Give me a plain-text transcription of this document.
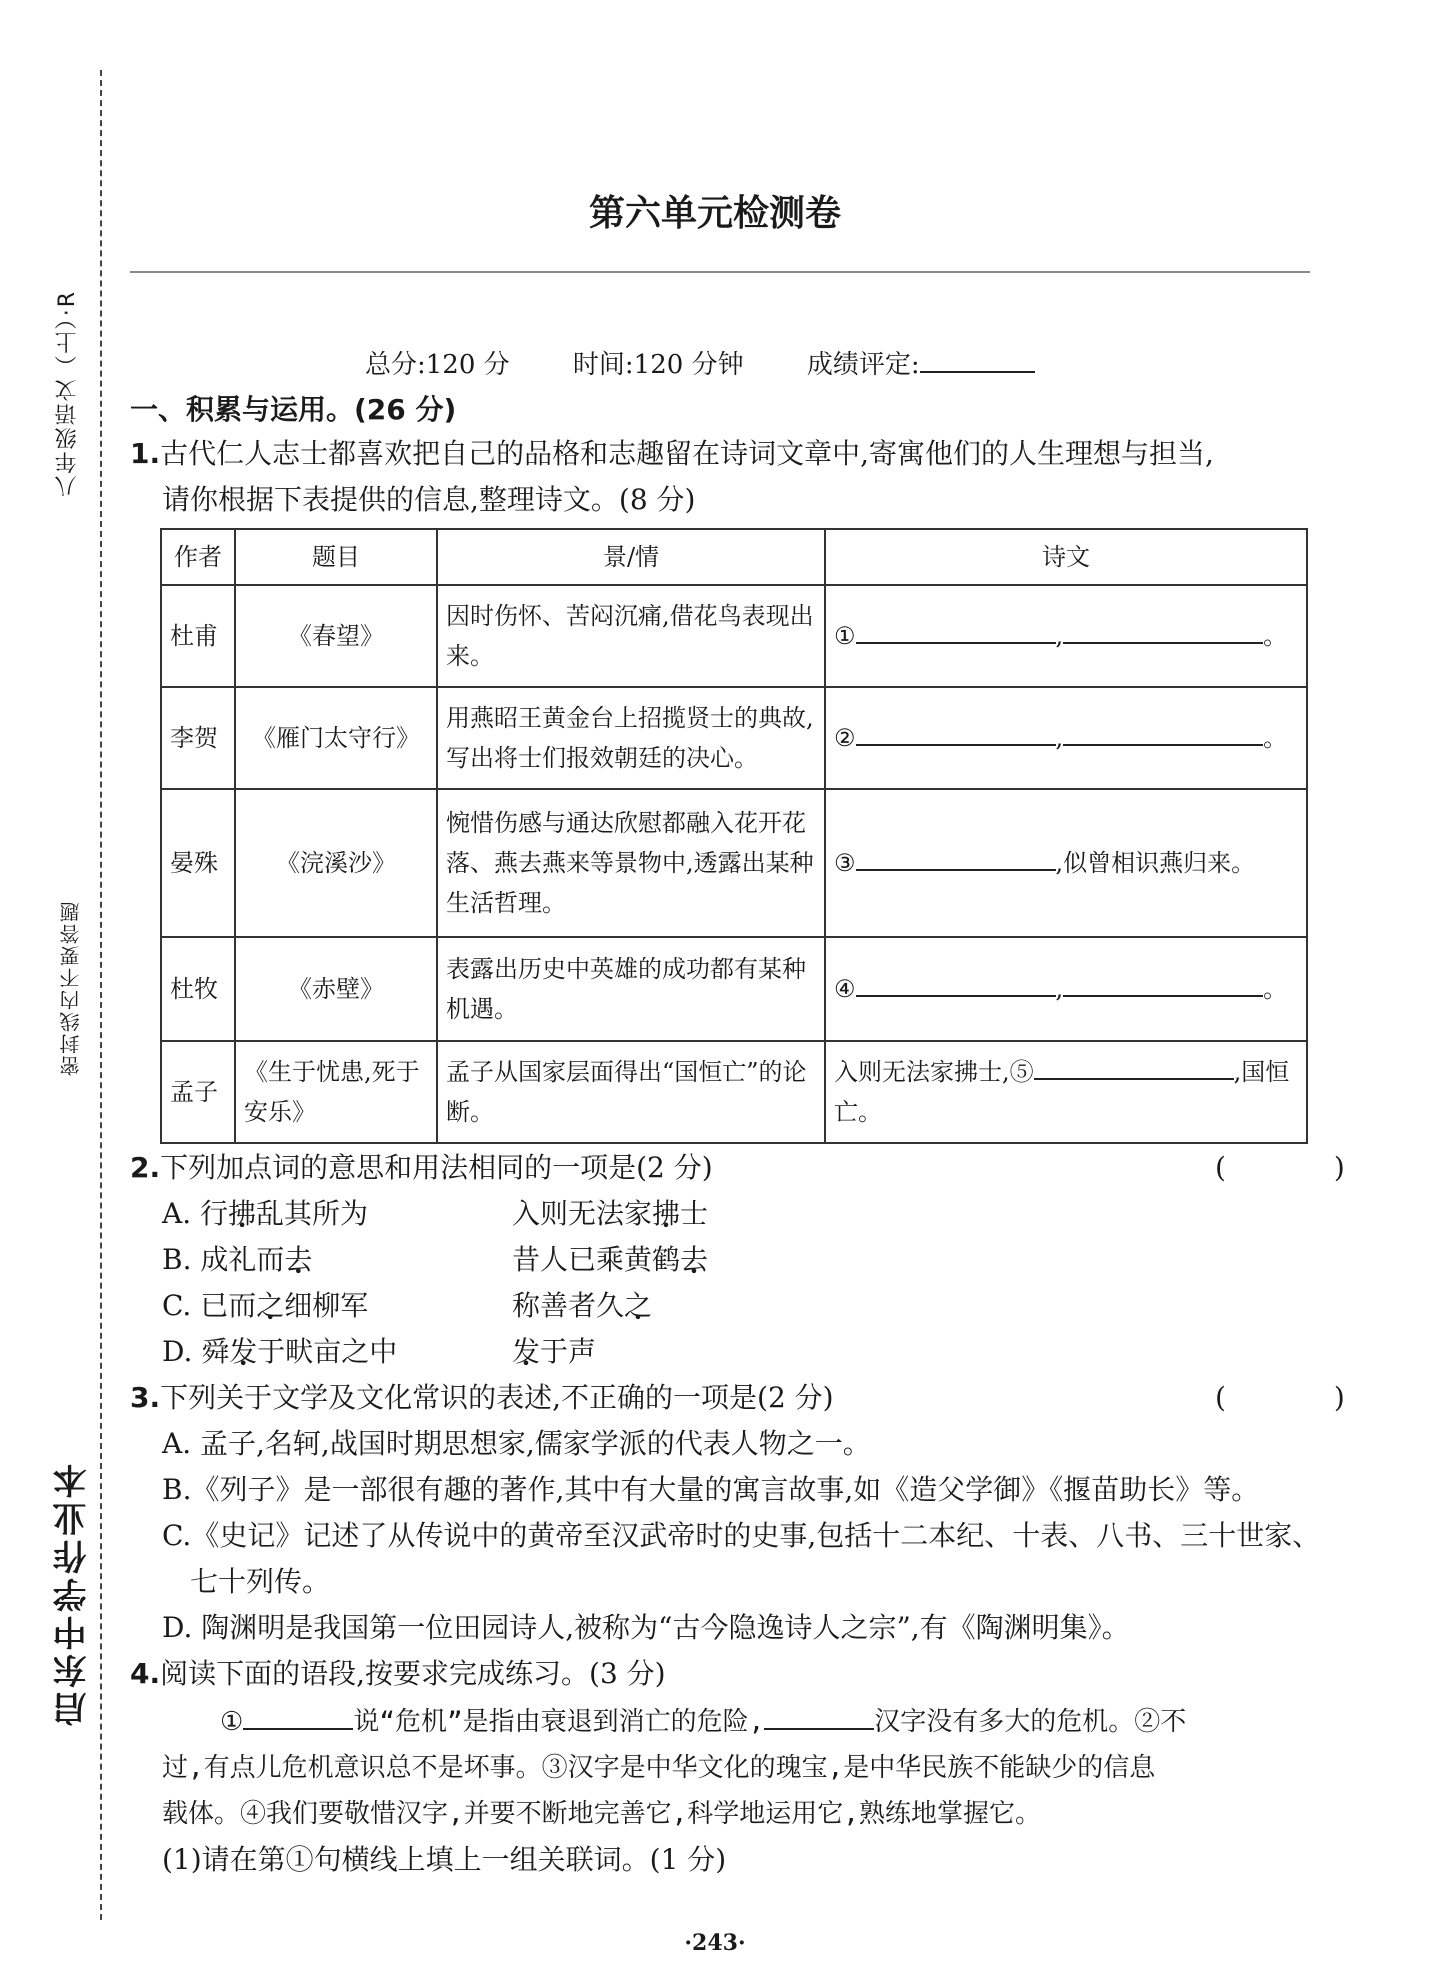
八年级语文（上）·R
密封线内不要答题
启东中学作业本
第六单元检测卷
总分:120 分 时间:120 分钟 成绩评定:
一、积累与运用。(26 分)
1.古代仁人志士都喜欢把自己的品格和志趣留在诗词文章中,寄寓他们的人生理想与担当,
请你根据下表提供的信息,整理诗文。(8 分)
作者	题目	景/情	诗文
杜甫	《春望》	因时伤怀、苦闷沉痛,借花鸟表现出来。	① , 。
李贺	《雁门太守行》	用燕昭王黄金台上招揽贤士的典故,写出将士们报效朝廷的决心。	② , 。
晏殊	《浣溪沙》	惋惜伤感与通达欣慰都融入花开花落、燕去燕来等景物中,透露出某种生活哲理。	③ ,似曾相识燕归来。
杜牧	《赤壁》	表露出历史中英雄的成功都有某种机遇。	④ , 。
孟子	《生于忧患,死于安乐》	孟子从国家层面得出“国恒亡”的论断。	入则无法家拂士,⑤ ,国恒亡。
2.下列加点词的意思和用法相同的一项是(2 分)	(　)
A. 行拂乱其所为	入则无法家拂士
B. 成礼而去	昔人已乘黄鹤去
C. 已而之细柳军	称善者久之
D. 舜发于畎亩之中	发于声
3.下列关于文学及文化常识的表述,不正确的一项是(2 分)	(　)
A. 孟子,名轲,战国时期思想家,儒家学派的代表人物之一。
B.《列子》是一部很有趣的著作,其中有大量的寓言故事,如《造父学御》《揠苗助长》等。
C.《史记》记述了从传说中的黄帝至汉武帝时的史事,包括十二本纪、十表、八书、三十世家、
七十列传。
D. 陶渊明是我国第一位田园诗人,被称为“古今隐逸诗人之宗”,有《陶渊明集》。
4.阅读下面的语段,按要求完成练习。(3 分)
①	说“危机”是指由衰退到消亡的危险,	汉字没有多大的危机。②不
过,有点儿危机意识总不是坏事。③汉字是中华文化的瑰宝,是中华民族不能缺少的信息
载体。④我们要敬惜汉字,并要不断地完善它,科学地运用它,熟练地掌握它。
(1)请在第①句横线上填上一组关联词。(1 分)
·243·
